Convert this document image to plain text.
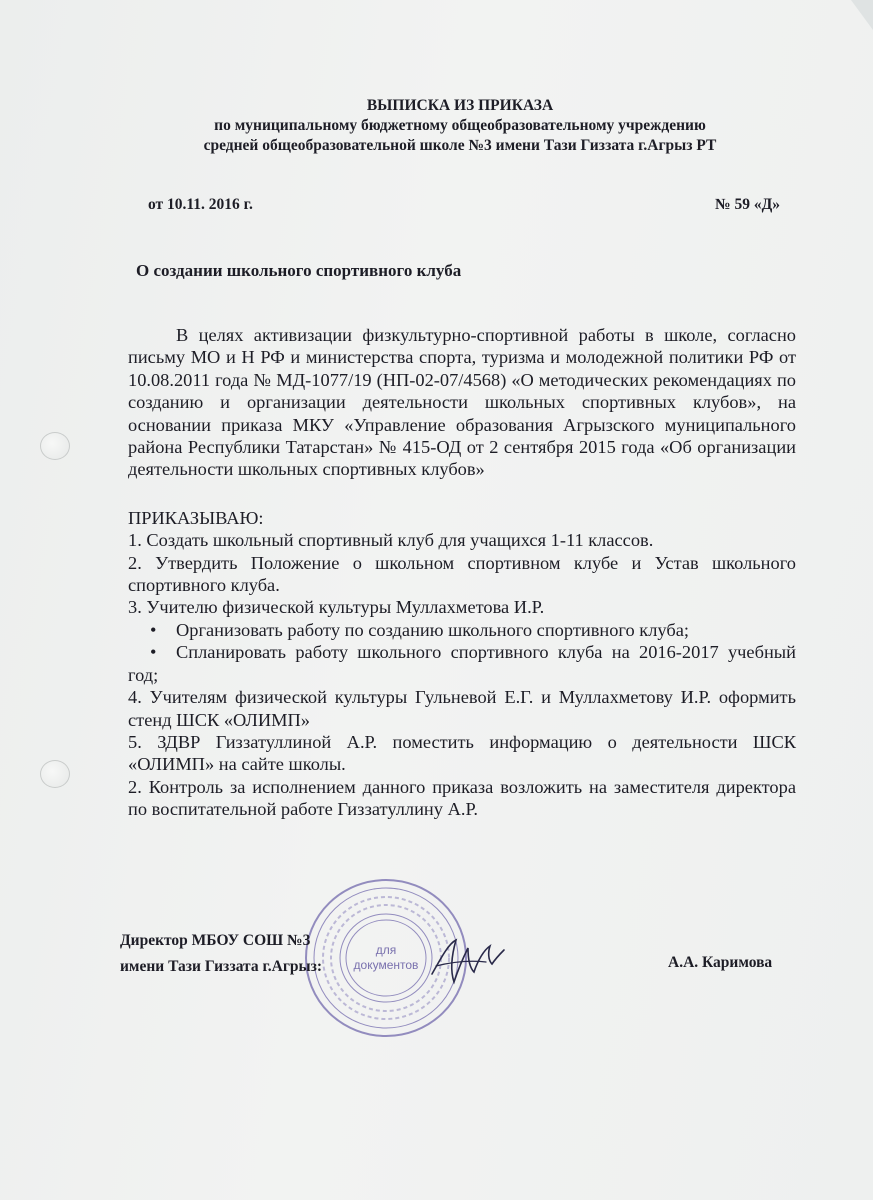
ВЫПИСКА ИЗ ПРИКАЗА
по муниципальному бюджетному общеобразовательному учреждению
средней общеобразовательной школе №3 имени Тази Гиззата г.Агрыз РТ
от 10.11. 2016 г.	№ 59 «Д»
О создании школьного спортивного клуба

В целях активизации физкультурно-спортивной работы в школе, согласно письму МО и Н РФ и министерства спорта, туризма и молодежной политики РФ от 10.08.2011 года № МД-1077/19 (НП-02-07/4568) «О методических рекомендациях по созданию и организации деятельности школьных спортивных клубов», на основании приказа МКУ «Управление образования Агрызского муниципального района Республики Татарстан» № 415-ОД от 2 сентября 2015 года «Об организации деятельности школьных спортивных клубов»

ПРИКАЗЫВАЮ:

1. Создать школьный спортивный клуб для учащихся 1-11 классов.

2. Утвердить Положение о школьном спортивном клубе и Устав школьного спортивного клуба.

3. Учителю физической культуры Муллахметова И.Р.

• Организовать работу по созданию школьного спортивного клуба;

• Спланировать работу школьного спортивного клуба на 2016-2017 учебный год;

4. Учителям физической культуры Гульневой Е.Г. и Муллахметову И.Р. оформить стенд ШСК «ОЛИМП»

5. ЗДВР Гиззатуллиной А.Р. поместить информацию о деятельности ШСК «ОЛИМП» на сайте школы.

2. Контроль за исполнением данного приказа возложить на заместителя директора по воспитательной работе Гиззатуллину А.Р.

для
документов
Директор МБОУ СОШ №3
имени Тази Гиззата г.Агрыз:	А.А. Каримова
